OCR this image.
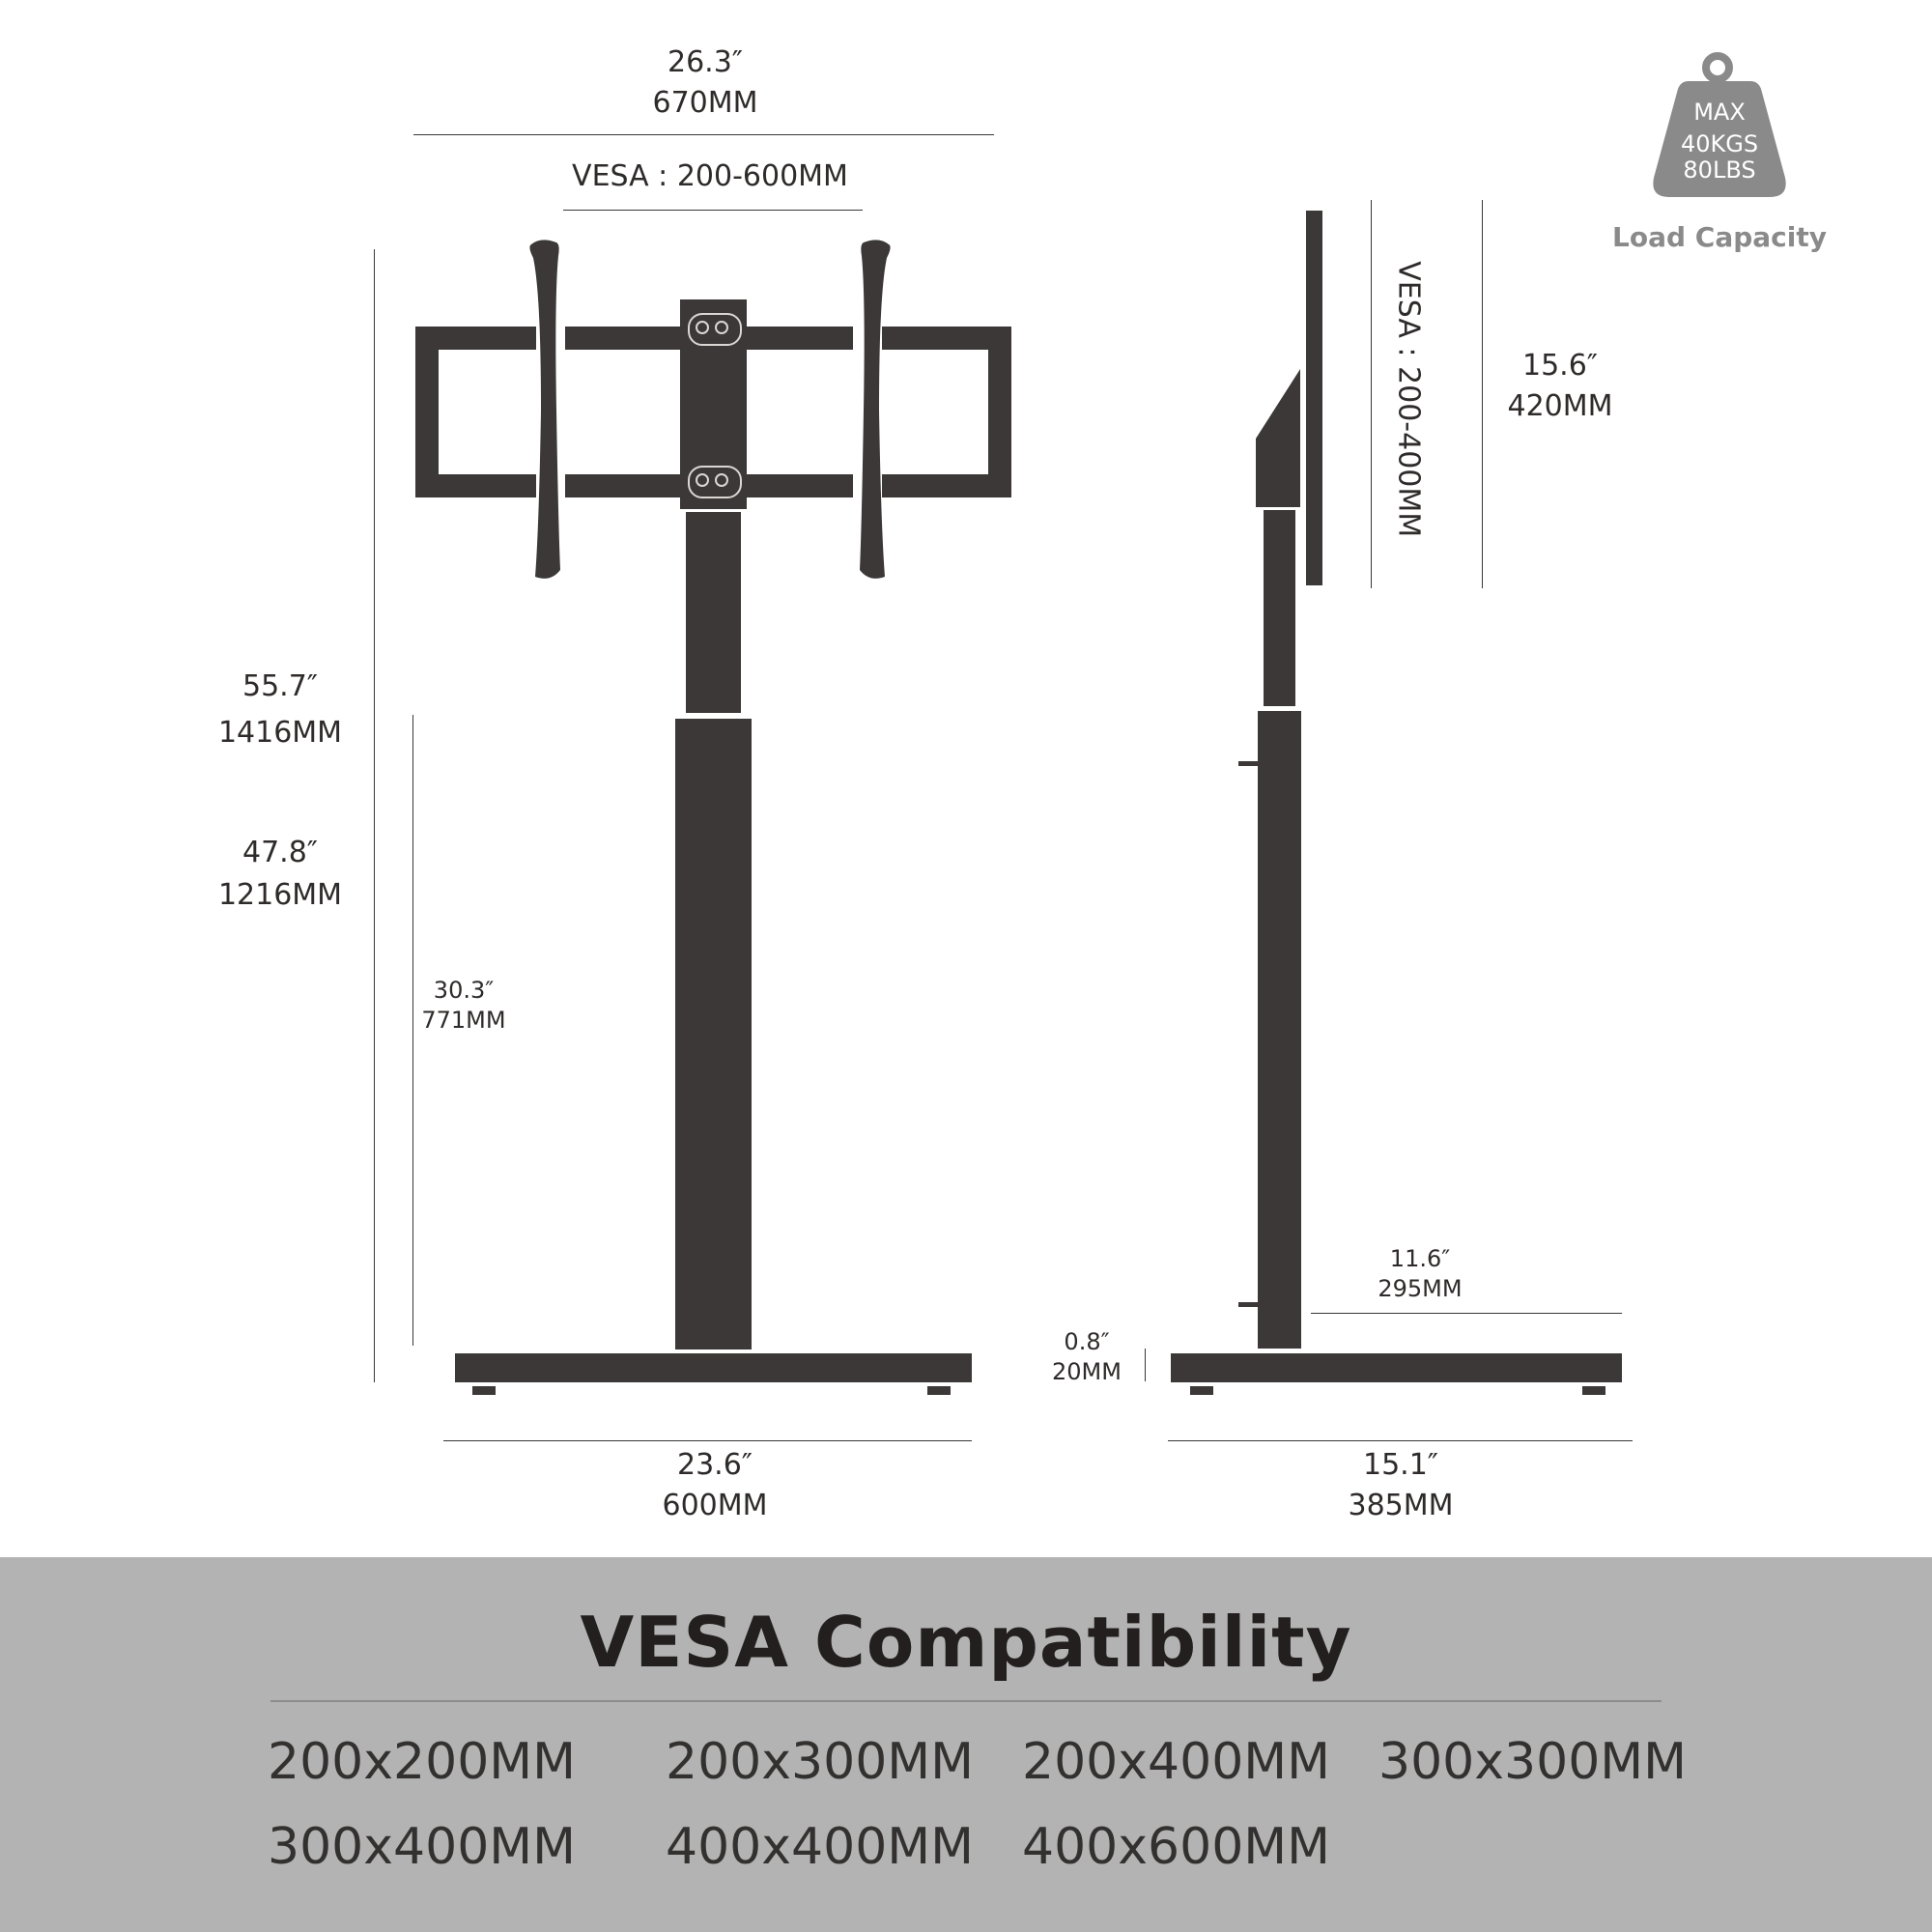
26.3″
670MM
VESA : 200-600MM
55.7″
1416MM
47.8″
1216MM
30.3″
771MM
23.6″
600MM
VESA : 200-400MM	15.6″
420MM
0.8″
20MM
11.6″
295MM
15.1″
385MM
MAX
40KGS
80LBS
Load Capacity
VESA Compatibility
200x200MM 200x300MM 200x400MM 300x300MM
300x400MM 400x400MM 400x600MM
